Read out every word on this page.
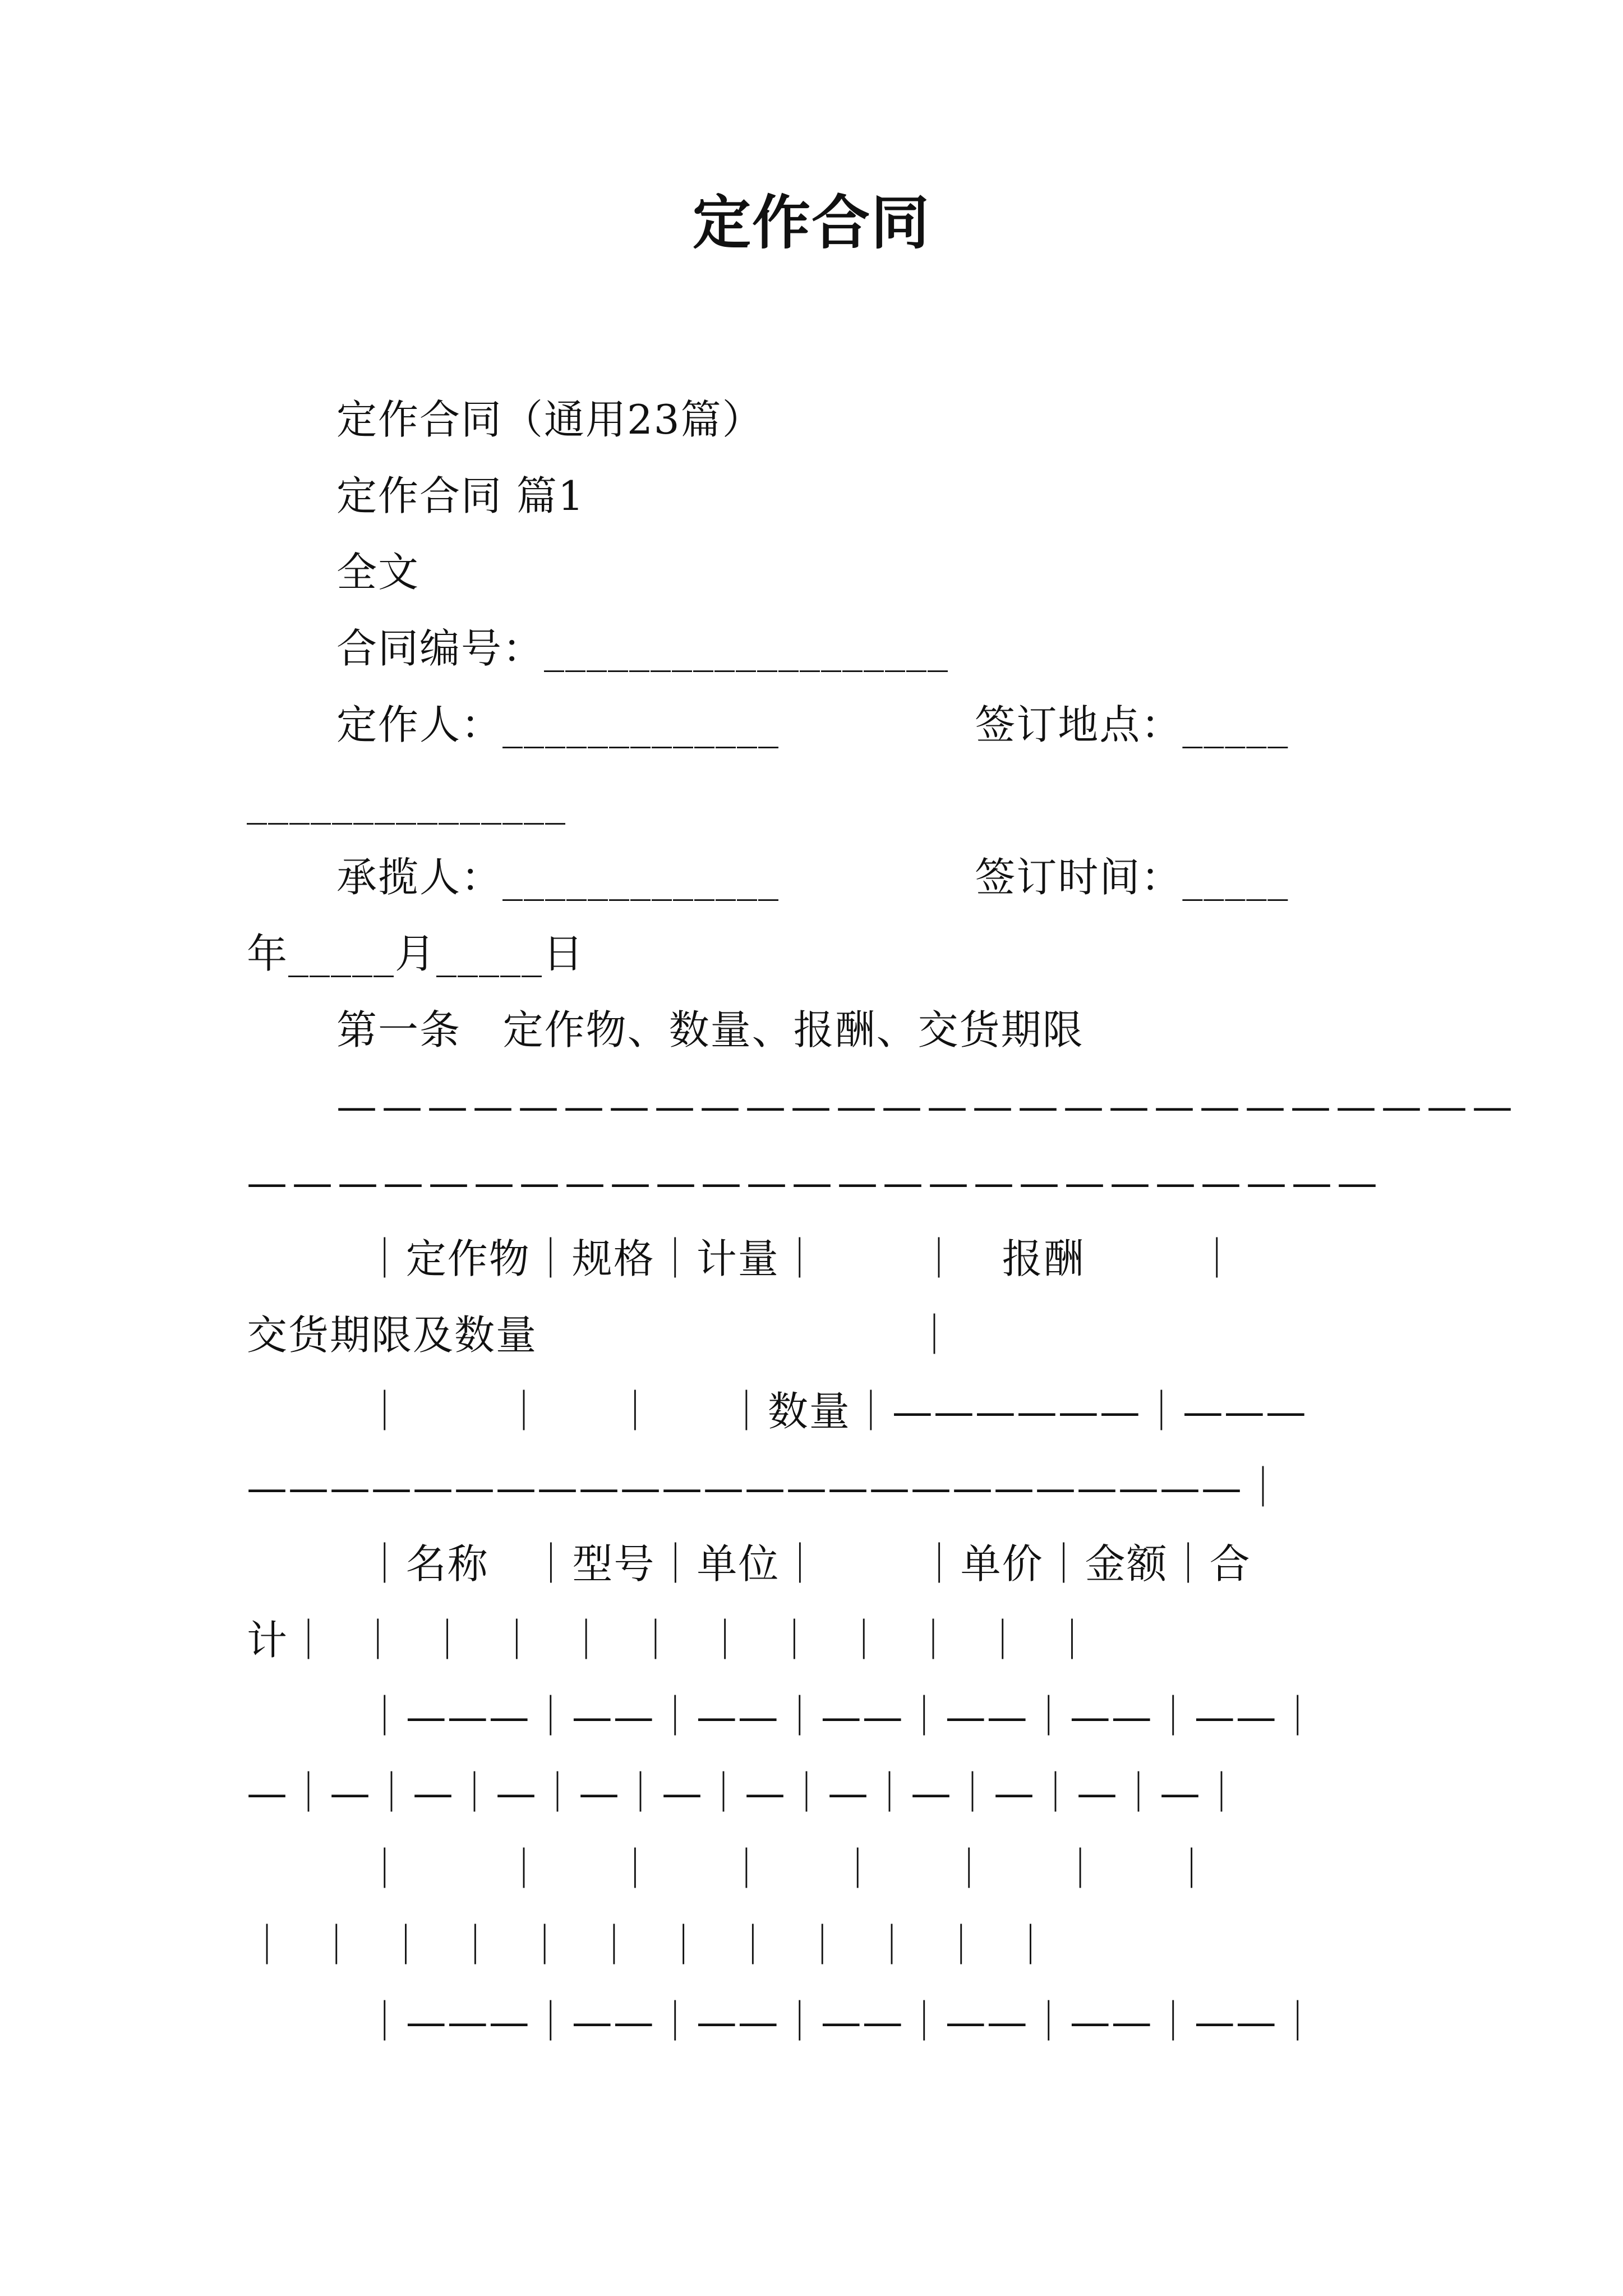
定作合同
定作合同（通用23篇）
定作合同 篇1
全文
合同编号：___________________
定作人：_____________              签订地点：_____
_______________
承揽人：_____________              签订时间：_____
年_____月_____日
第一条   定作物、数量、报酬、交货期限
——————————————————————————
—————————————————————————
｜定作物｜规格｜计量｜       ｜   报酬        ｜
交货期限及数量                           ｜
｜       ｜     ｜     ｜数量｜——————｜———
————————————————————————｜
｜名称   ｜型号｜单位｜       ｜单价｜金额｜合
计｜  ｜  ｜  ｜  ｜  ｜  ｜  ｜  ｜  ｜  ｜  ｜
｜———｜——｜——｜——｜——｜——｜——｜
—｜—｜—｜—｜—｜—｜—｜—｜—｜—｜—｜—｜
｜       ｜     ｜     ｜     ｜     ｜     ｜     ｜
｜  ｜  ｜  ｜  ｜  ｜  ｜  ｜  ｜  ｜  ｜  ｜
｜———｜——｜——｜——｜——｜——｜——｜
